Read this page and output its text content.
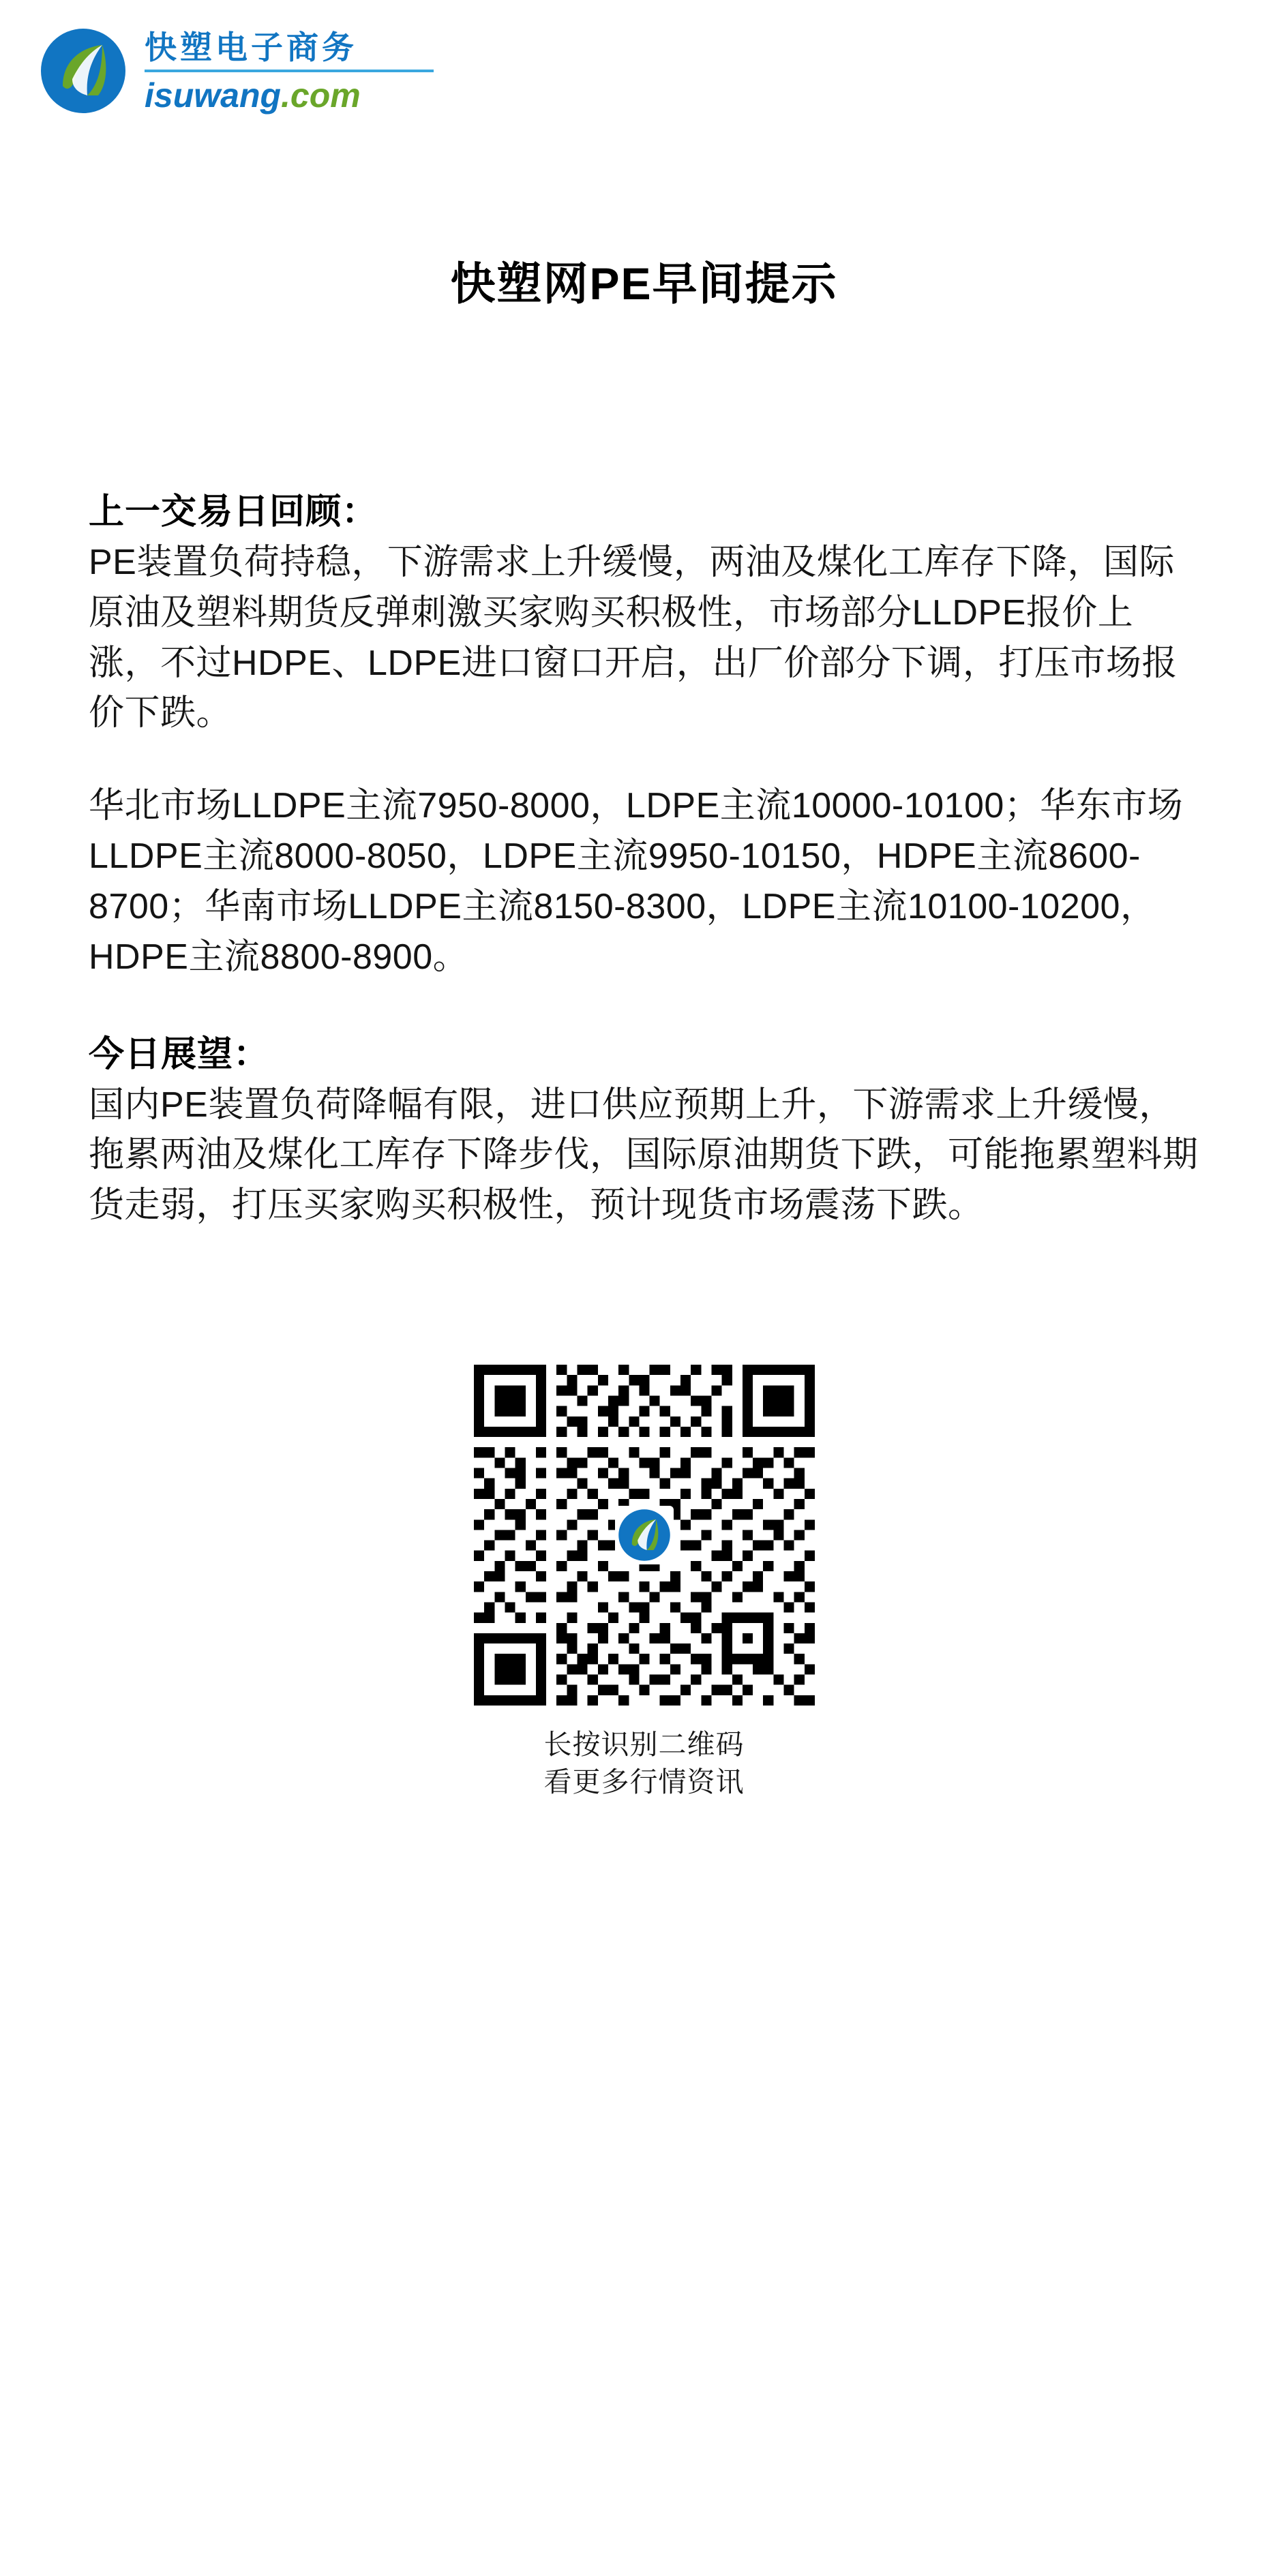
快塑电子商务
isuwang.com
快塑网PE早间提示
上一交易日回顾：
PE装置负荷持稳，下游需求上升缓慢，两油及煤化工库存下降，国际原油及塑料期货反弹刺激买家购买积极性，市场部分LLDPE报价上涨，不过HDPE、LDPE进口窗口开启，出厂价部分下调，打压市场报价下跌。
华北市场LLDPE主流7950-8000，LDPE主流10000-10100；华东市场LLDPE主流8000-8050，LDPE主流9950-10150，HDPE主流8600-8700；华南市场LLDPE主流8150-8300，LDPE主流10100-10200，HDPE主流8800-8900。
今日展望：
国内PE装置负荷降幅有限，进口供应预期上升，下游需求上升缓慢，拖累两油及煤化工库存下降步伐，国际原油期货下跌，可能拖累塑料期货走弱，打压买家购买积极性，预计现货市场震荡下跌。
长按识别二维码
看更多行情资讯
